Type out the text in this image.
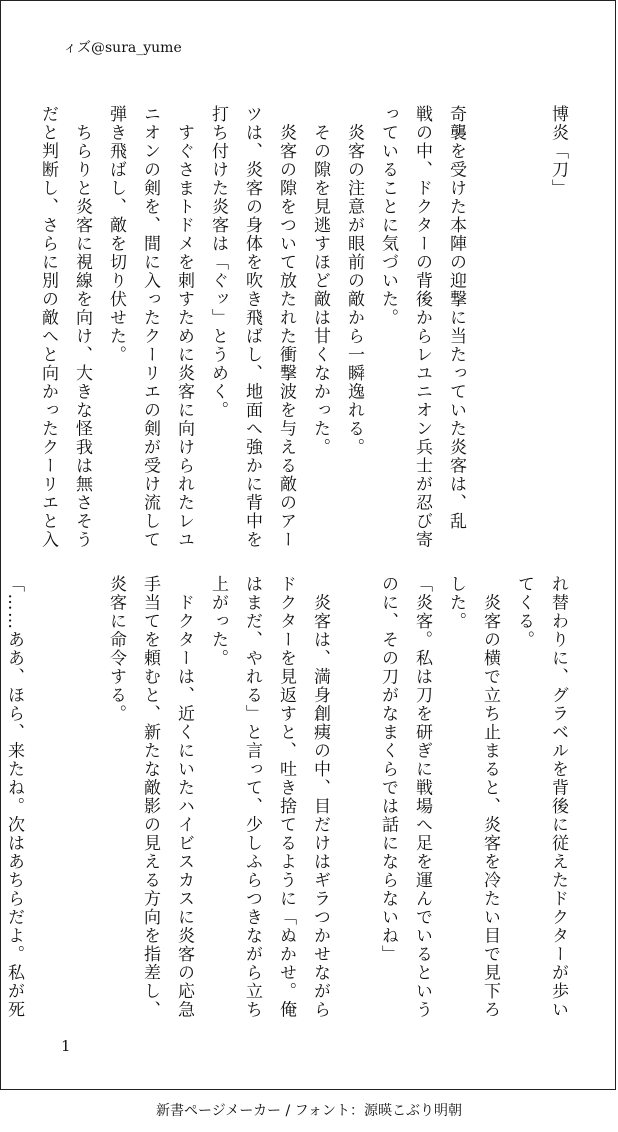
ィズ@sura_yume
博炎「刀」

奇襲を受けた本陣の迎撃に当たっていた炎客は、乱
戦の中、ドクターの背後からレユニオン兵士が忍び寄
っていることに気づいた。
　炎客の注意が眼前の敵から一瞬逸れる。
　その隙を見逃すほど敵は甘くなかった。
　炎客の隙をついて放たれた衝撃波を与える敵のアー
ツは、炎客の身体を吹き飛ばし、地面へ強かに背中を
打ち付けた炎客は「ぐッ」とうめく。
　すぐさまトドメを刺すために炎客に向けられたレユ
ニオンの剣を、間に入ったクーリエの剣が受け流して
弾き飛ばし、敵を切り伏せた。
　ちらりと炎客に視線を向け、大きな怪我は無さそう
だと判断し、さらに別の敵へと向かったクーリエと入
れ替わりに、グラベルを背後に従えたドクターが歩い
てくる。
　炎客の横で立ち止まると、炎客を冷たい目で見下ろ
した。
「炎客。私は刀を研ぎに戦場へ足を運んでいるという
のに、その刀がなまくらでは話にならないね」

　炎客は、満身創痍の中、目だけはギラつかせながら
ドクターを見返すと、吐き捨てるように「ぬかせ。俺
はまだ、やれる」と言って、少しふらつきながら立ち
上がった。
　ドクターは、近くにいたハイビスカスに炎客の応急
手当てを頼むと、新たな敵影の見える方向を指差し、
炎客に命令する。

「……ああ、ほら、来たね。次はあちらだよ。私が死
1
新書ページメーカー / フォント：源暎こぶり明朝
